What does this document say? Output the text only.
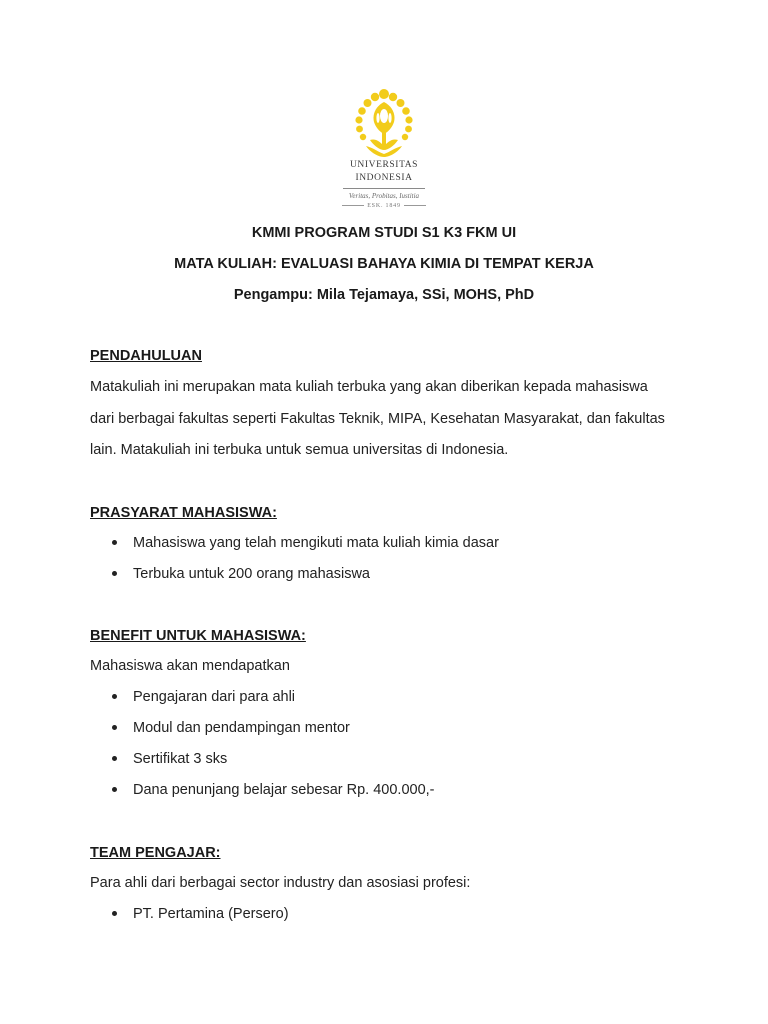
UNIVERSITAS
INDONESIA
Veritas, Probitas, Iustitia
ESK. 1849
KMMI PROGRAM STUDI S1 K3 FKM UI
MATA KULIAH: EVALUASI BAHAYA KIMIA DI TEMPAT KERJA
Pengampu: Mila Tejamaya, SSi, MOHS, PhD
PENDAHULUAN
Matakuliah ini merupakan mata kuliah terbuka yang akan diberikan kepada mahasiswa
dari berbagai fakultas seperti Fakultas Teknik, MIPA, Kesehatan Masyarakat, dan fakultas
lain. Matakuliah ini terbuka untuk semua universitas di Indonesia.
PRASYARAT MAHASISWA:
Mahasiswa yang telah mengikuti mata kuliah kimia dasar
Terbuka untuk 200 orang mahasiswa
BENEFIT UNTUK MAHASISWA:
Mahasiswa akan mendapatkan
Pengajaran dari para ahli
Modul dan pendampingan mentor
Sertifikat 3 sks
Dana penunjang belajar sebesar Rp. 400.000,-
TEAM PENGAJAR:
Para ahli dari berbagai sector industry dan asosiasi profesi:
PT. Pertamina (Persero)
